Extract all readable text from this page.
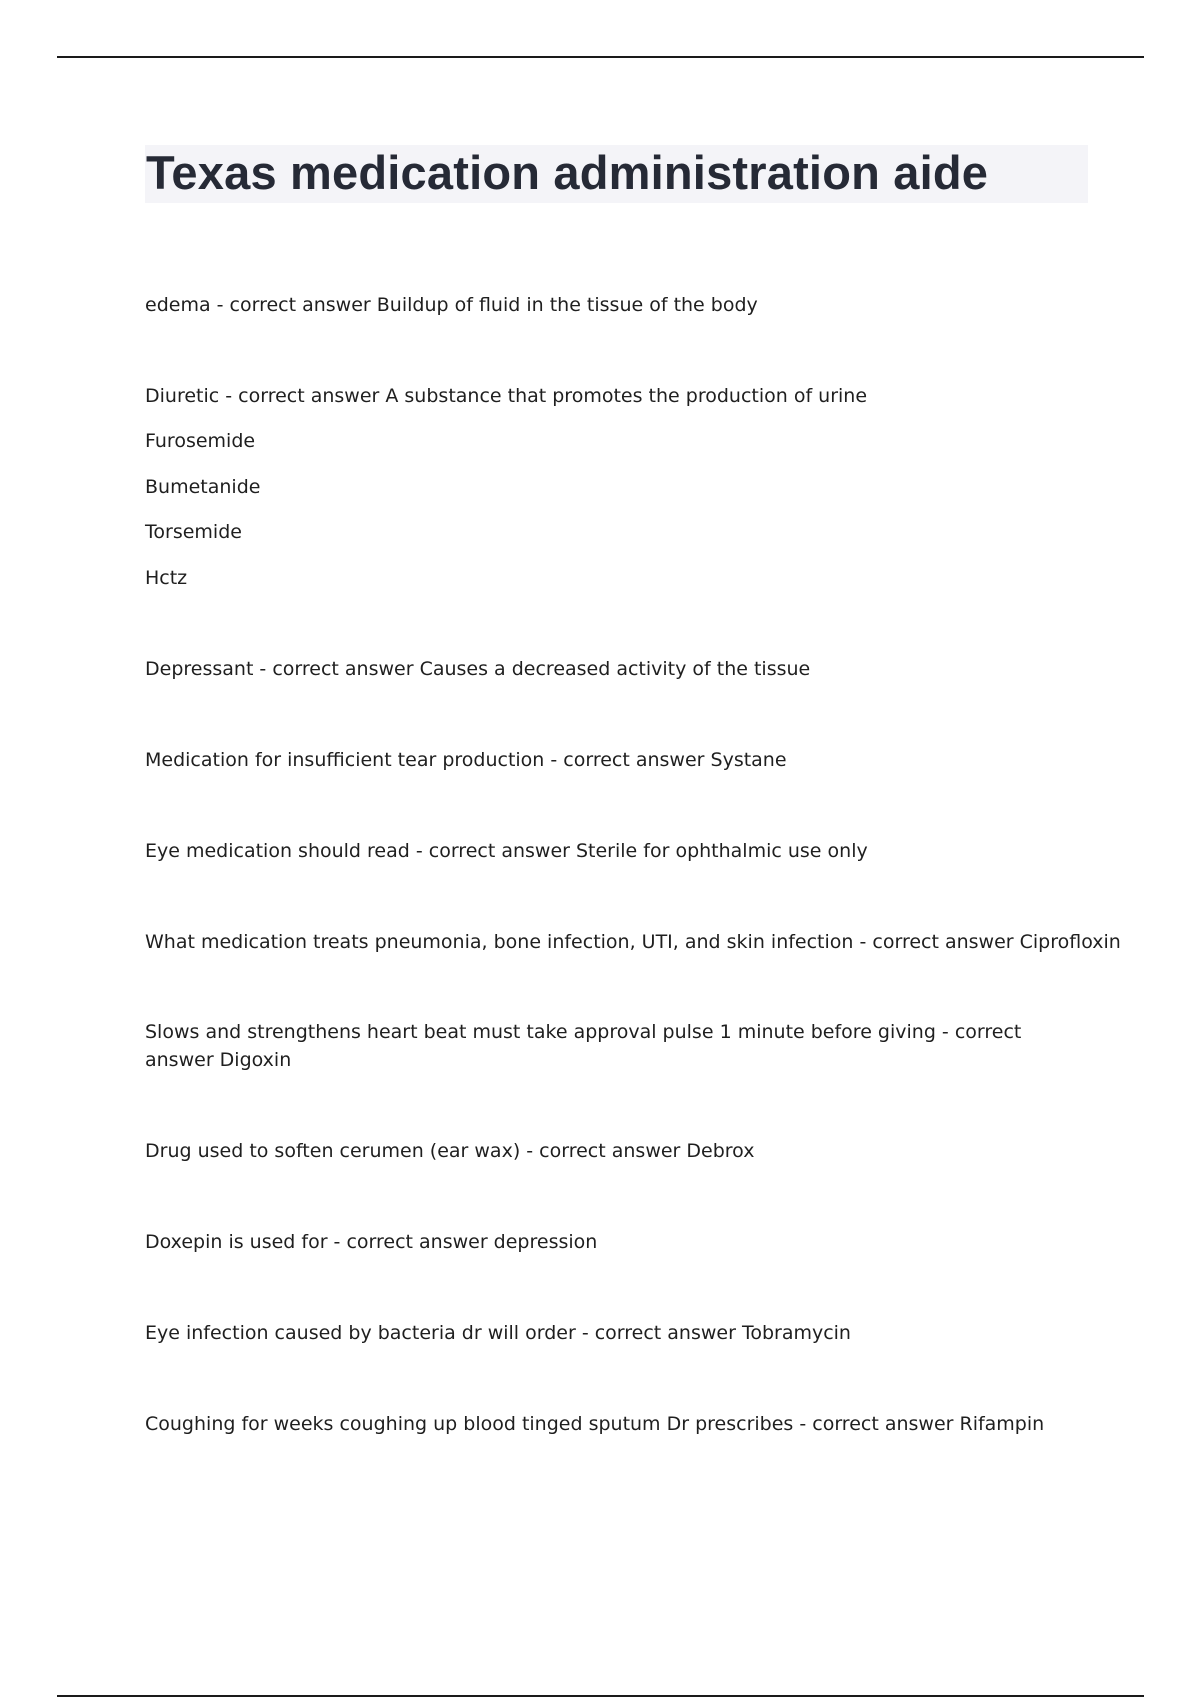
Texas medication administration aide

edema - correct answer Buildup of fluid in the tissue of the body

Diuretic - correct answer A substance that promotes the production of urine

Furosemide

Bumetanide

Torsemide

Hctz

Depressant - correct answer Causes a decreased activity of the tissue

Medication for insufficient tear production - correct answer Systane

Eye medication should read - correct answer Sterile for ophthalmic use only

What medication treats pneumonia, bone infection, UTI, and skin infection - correct answer Ciprofloxin

Slows and strengthens heart beat must take approval pulse 1 minute before giving - correct answer Digoxin

Drug used to soften cerumen (ear wax) - correct answer Debrox

Doxepin is used for - correct answer depression

Eye infection caused by bacteria dr will order - correct answer Tobramycin

Coughing for weeks coughing up blood tinged sputum Dr prescribes - correct answer Rifampin
